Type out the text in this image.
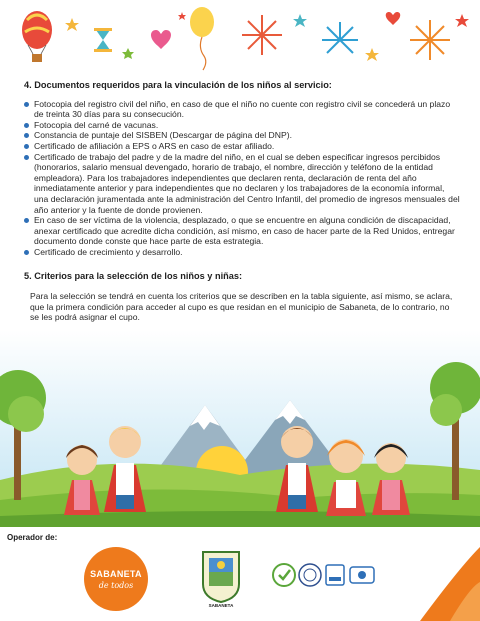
4. Documentos requeridos para la vinculación de los niños al servicio:
Fotocopia del registro civil del niño, en caso de que el niño no cuente con registro civil se concederá un plazo de treinta 30 días para su consecución.
Fotocopia del carné de vacunas.
Constancia de puntaje del SISBEN (Descargar de página del DNP).
Certificado de afiliación a EPS o ARS en caso de estar afiliado.
Certificado de trabajo del padre y de la madre del niño, en el cual se deben especificar ingresos percibidos (honorarios, salario mensual devengado, horario de trabajo, el nombre, dirección y teléfono de la entidad empleadora). Para los trabajadores independientes que declaren renta, declaración de renta del año inmediatamente anterior y para independientes que no declaren y los trabajadores de la economía informal, una declaración juramentada ante la administración del Centro Infantil, del promedio de ingresos mensuales del año anterior y la fuente de donde provienen.
En caso de ser víctima de la violencia, desplazado, o que se encuentre en alguna condición de discapacidad, anexar certificado que acredite dicha condición, así mismo, en caso de hacer parte de la Red Unidos, entregar documento donde conste que hace parte de esta estrategia.
Certificado de crecimiento y desarrollo.
5. Criterios para la selección de los niños y niñas:

Para la selección se tendrá en cuenta los criterios que se describen en la tabla siguiente, así mismo, se aclara, que la primera condición para acceder al cupo es que residan en el municipio de Sabaneta, de lo contrario, no se les podrá asignar el cupo.

Operador de:
SABANETA
de todos
SABANETA
